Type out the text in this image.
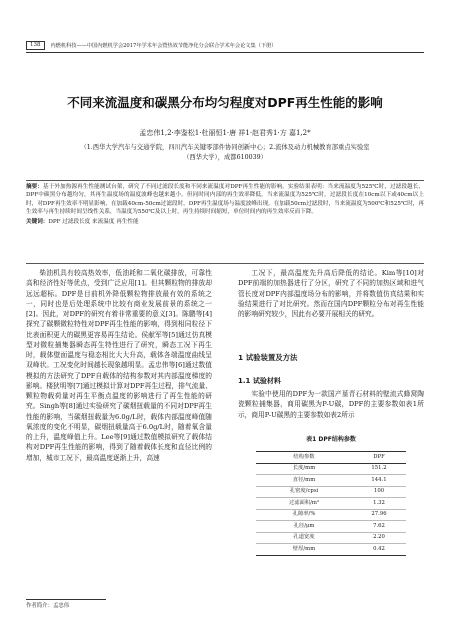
138	内燃机科技——中国内燃机学会2017年学术年会暨热效节能净化分会联合学术年会论文集（下册）
不同来流温度和碳黑分布均匀程度对DPF再生性能的影响
孟忠伟1,2·李鉴松1·杜丽恒1·唐 祥1·赵君秀1·方 嘉1,2*
（1.西华大学汽车与交通学院，四川汽车关键零部件协同创新中心；2.流体及动力机械教育部重点实验室
（西华大学），成都610039）

摘要：基于外加热源再生性能测试台架，研究了不同过滤段长度和不同来流温度对DPF再生性能的影响。实验结果表明：当来流温度为525℃时，过滤段越长，DPF中碳黑分布越均匀，其再生温度场的温度波峰也越来越小，但同时同内部的再生效率降低。当来流温度为525℃时，过滤段长度在10cm以下或40cm以上时，对DPF再生效率不明显影响，在加载40cm-50cm过滤段时，DPF再生温度场与温度波峰出现。在加载50cm过滤段时，当来流温度为500℃和525℃时，再生效率与再生持续时间呈线性关系，当温度为550℃及以上时，再生持续时间缩短，单位时间内的再生效率反而下降。

关键词：DPF 过滤段长度 来流温度 再生性能

柴油机具有较高热效率，低油耗和二氧化碳排放，可靠性高和经济性好等优点，受到广泛应用[1]。但其颗粒物的排放却远远超标。DPF是目前机外降低颗粒物排放最有效的系统之一，同时也是后处理系统中比较有商业发展前景的系统之一[2]。因此，对DPF的研究有着非常重要的意义[3]。陈鹏等[4]探究了碳颗微粒特性对DPF再生性能的影响，得到相同粒径下比表面积更大的碳黑更容易再生结论。侯献军等[5]通过仿真模型对微粒捕集器瞬态再生特性进行了研究，瞬态工况下再生时，载体壁面温度与稳态相比大大升高，载体各端温度曲线呈双峰状。工况变化时间越长现象越明显。孟忠伟等[6]通过数值模拟的方法研究了DPF自载体的结构参数对其内部温度梯度的影响。楼狄明等[7]通过模拟计算对DPF再生过程，排气流量、颗粒物载荷量对再生平衡点温度的影响进行了再生性能的研究。Singh等[8]通过实验研究了碳烟扭载量的不同对DPF再生性能的影响，当碳烟扭载量为6.0g/L时，载体内部温度峰值随氧浓度的变化不明显，碳烟扭载量高于6.0g/L时，随着氧含量的上升，温度峰值上升。Lee等[9]通过数值模拟研究了载体结构对DPF再生性能的影响，得到了随着载体长度和直径比例的增加，城市工况下，最高温度逐渐上升，高速

工况下，最高温度先升高后降低的结论。Kim等[10]对DPF前端的加热器进行了分区，研究了不同的加热区域和进气管长度对DPF内部温度场分布的影响，并将数值仿真结果和实验结果进行了对比研究。然而在国内DPF颗粒分布对再生性能的影响研究较少，因此有必要开展相关的研究。

1 试验装置及方法
1.1 试验材料

实验中使用的DPF为一款国产堇青石材料的壁流式蜂窝陶瓷颗粒捕集器，商用碳黑为P-U碳，DPF的主要参数如表1所示，商用P-U碳黑的主要参数如表2所示

表1 DPF结构参数
结构参数	DPF
长度/mm	151.2
直径/mm	144.1
孔密度/cpsi	100
过滤面积/m²	1.32
孔隙率/%	27.96
孔径/μm	7.62
孔道宽度	2.20
壁厚/mm	0.42
作者简介：孟忠伟
